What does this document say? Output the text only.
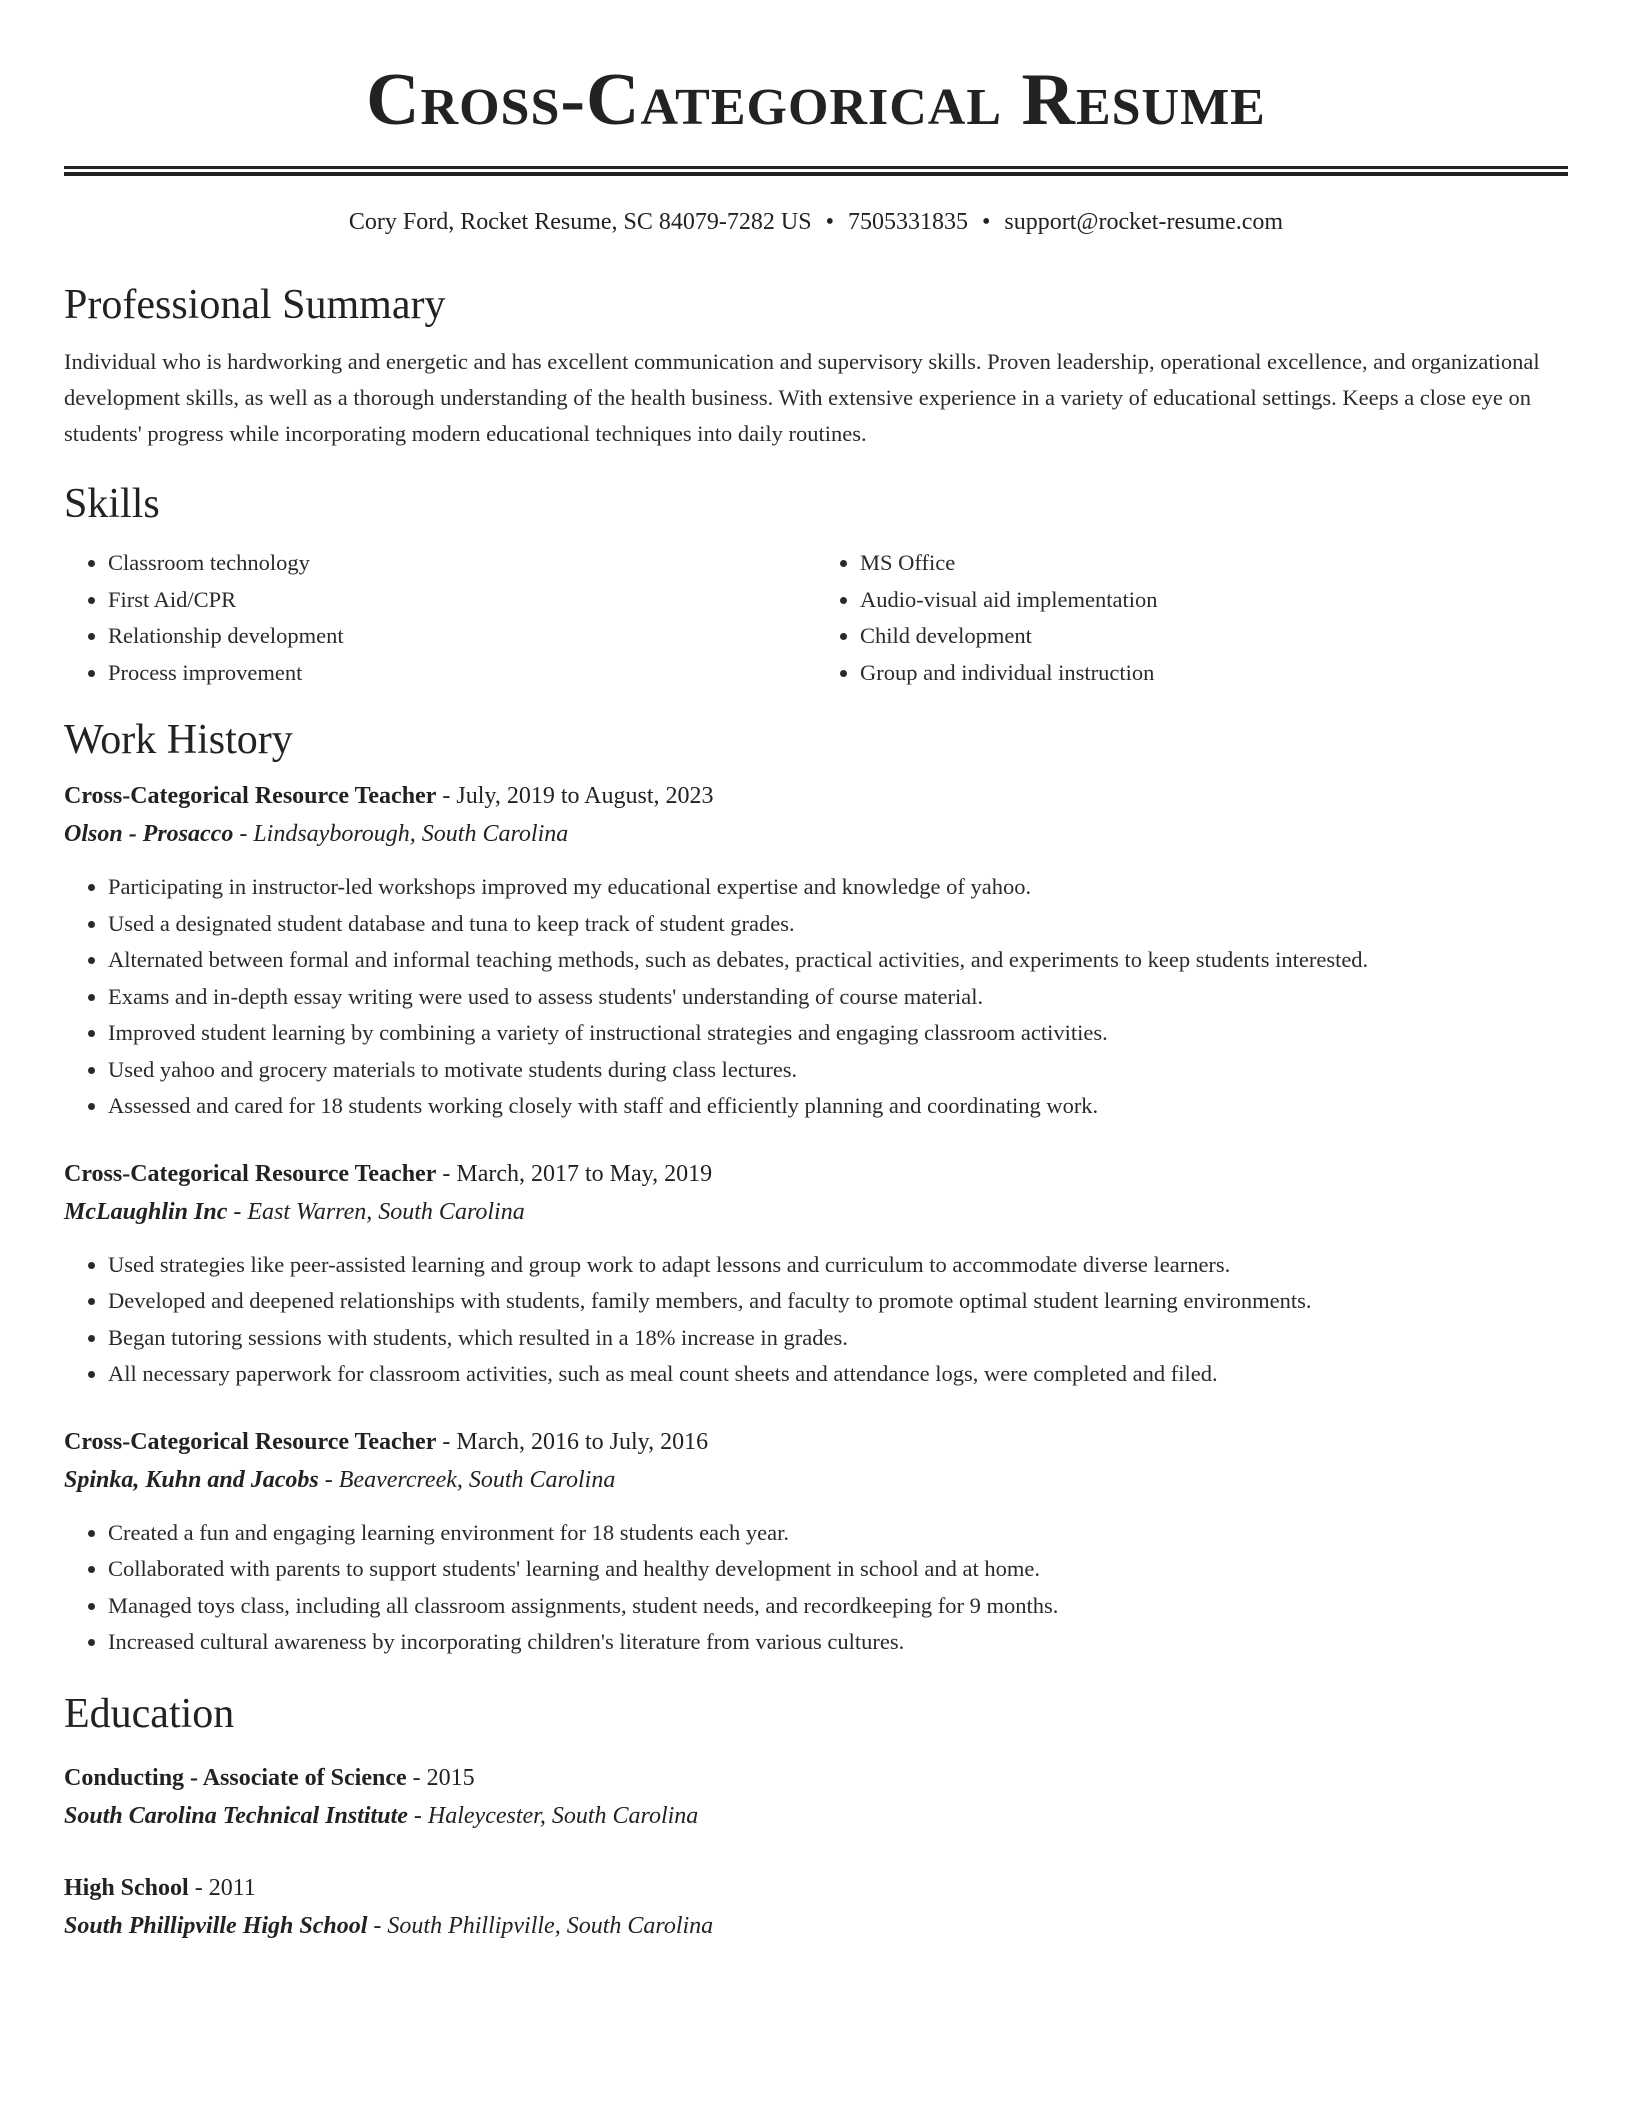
Cross-Categorical Resume
Cory Ford, Rocket Resume, SC 84079-7282 US • 7505331835 • support@rocket-resume.com
Professional Summary

Individual who is hardworking and energetic and has excellent communication and supervisory skills. Proven leadership, operational excellence, and organizational development skills, as well as a thorough understanding of the health business. With extensive experience in a variety of educational settings. Keeps a close eye on students' progress while incorporating modern educational techniques into daily routines.

Skills
• Classroom technology
• First Aid/CPR
• Relationship development
• Process improvement
• MS Office
• Audio-visual aid implementation
• Child development
• Group and individual instruction
Work History
Cross-Categorical Resource Teacher - July, 2019 to August, 2023
Olson - Prosacco - Lindsayborough, South Carolina
• Participating in instructor-led workshops improved my educational expertise and knowledge of yahoo.
• Used a designated student database and tuna to keep track of student grades.
• Alternated between formal and informal teaching methods, such as debates, practical activities, and experiments to keep students interested.
• Exams and in-depth essay writing were used to assess students' understanding of course material.
• Improved student learning by combining a variety of instructional strategies and engaging classroom activities.
• Used yahoo and grocery materials to motivate students during class lectures.
• Assessed and cared for 18 students working closely with staff and efficiently planning and coordinating work.
Cross-Categorical Resource Teacher - March, 2017 to May, 2019
McLaughlin Inc - East Warren, South Carolina
• Used strategies like peer-assisted learning and group work to adapt lessons and curriculum to accommodate diverse learners.
• Developed and deepened relationships with students, family members, and faculty to promote optimal student learning environments.
• Began tutoring sessions with students, which resulted in a 18% increase in grades.
• All necessary paperwork for classroom activities, such as meal count sheets and attendance logs, were completed and filed.
Cross-Categorical Resource Teacher - March, 2016 to July, 2016
Spinka, Kuhn and Jacobs - Beavercreek, South Carolina
• Created a fun and engaging learning environment for 18 students each year.
• Collaborated with parents to support students' learning and healthy development in school and at home.
• Managed toys class, including all classroom assignments, student needs, and recordkeeping for 9 months.
• Increased cultural awareness by incorporating children's literature from various cultures.
Education
Conducting - Associate of Science - 2015
South Carolina Technical Institute - Haleycester, South Carolina
High School - 2011
South Phillipville High School - South Phillipville, South Carolina
